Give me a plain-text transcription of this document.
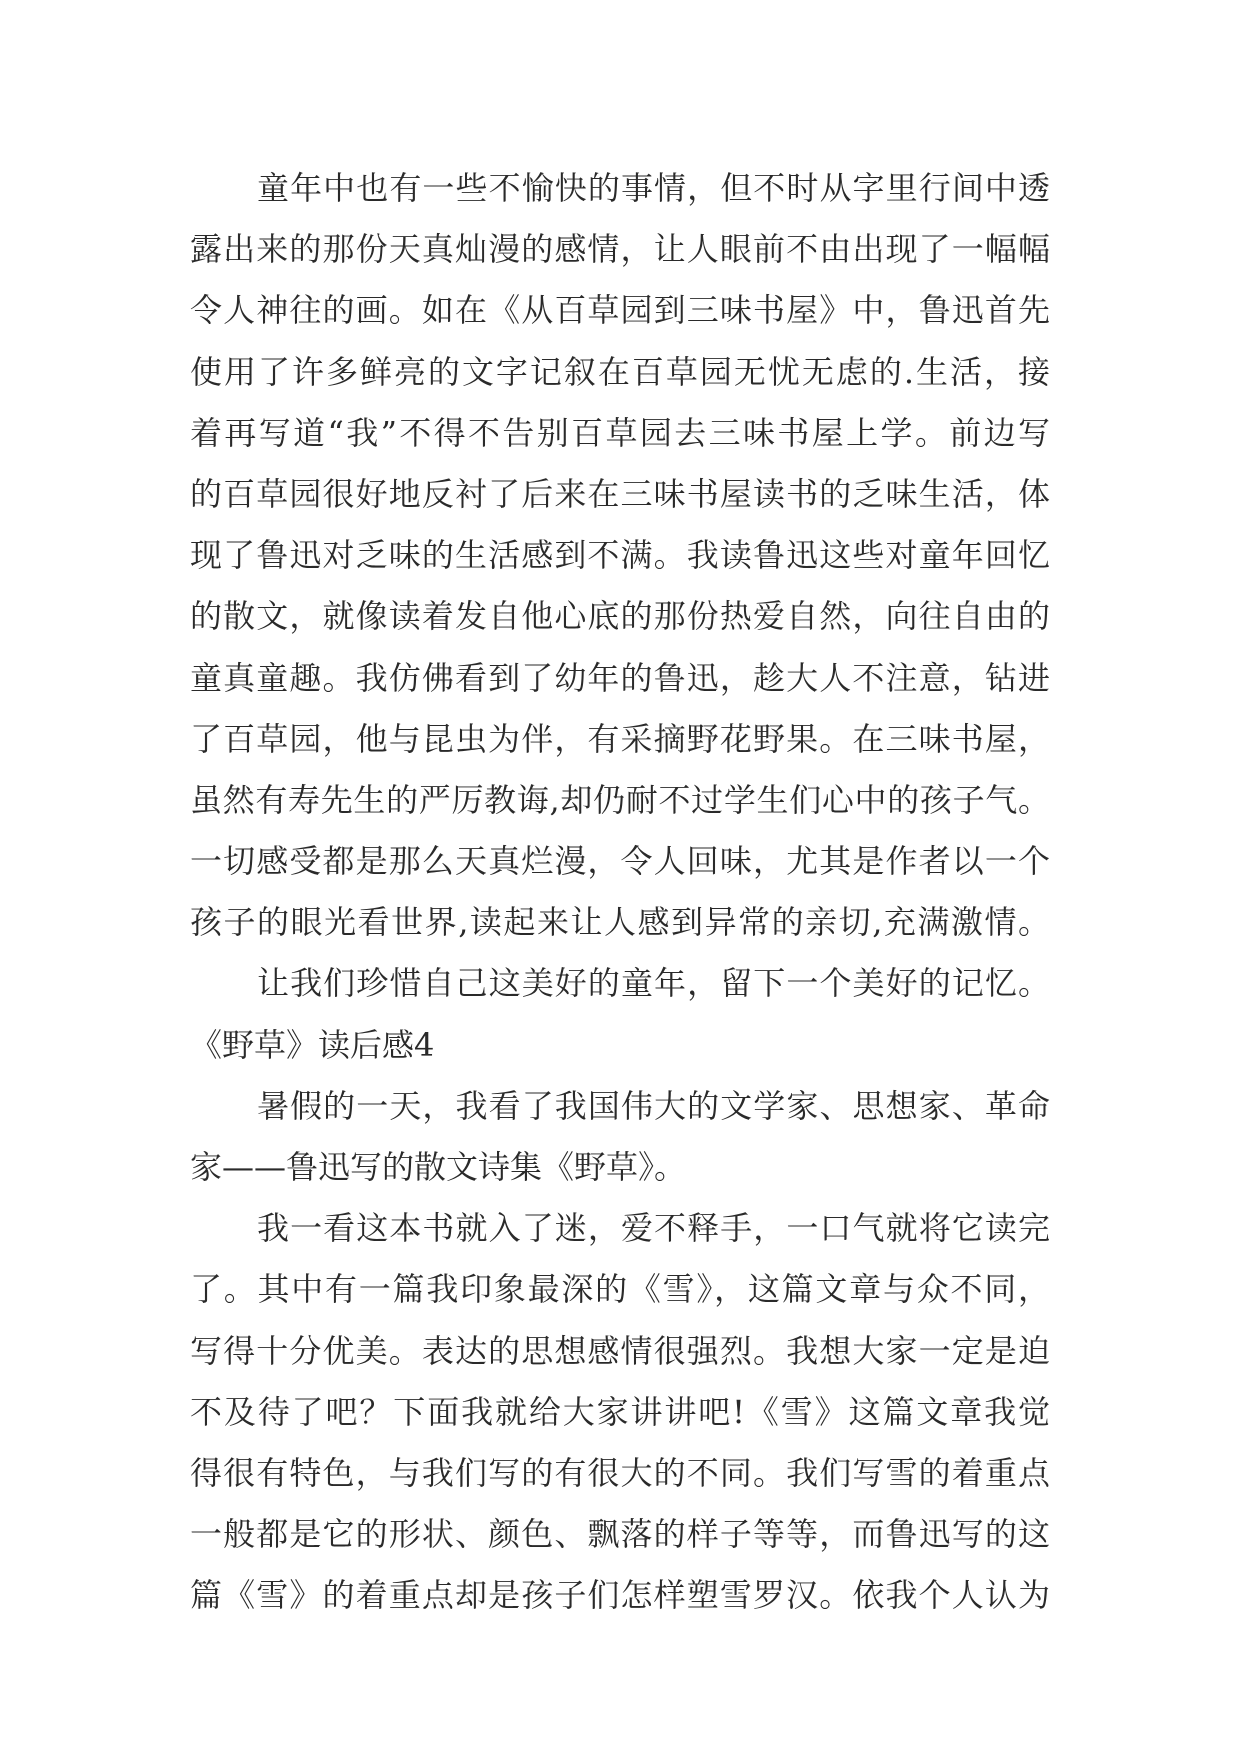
童年中也有一些不愉快的事情，但不时从字里行间中透
露出来的那份天真灿漫的感情，让人眼前不由出现了一幅幅
令人神往的画。如在《从百草园到三味书屋》中，鲁迅首先
使用了许多鲜亮的文字记叙在百草园无忧无虑的.生活，接
着再写道“我”不得不告别百草园去三味书屋上学。前边写
的百草园很好地反衬了后来在三味书屋读书的乏味生活，体
现了鲁迅对乏味的生活感到不满。我读鲁迅这些对童年回忆
的散文，就像读着发自他心底的那份热爱自然，向往自由的
童真童趣。我仿佛看到了幼年的鲁迅，趁大人不注意，钻进
了百草园，他与昆虫为伴，有采摘野花野果。在三味书屋，
虽然有寿先生的严厉教诲,却仍耐不过学生们心中的孩子气。
一切感受都是那么天真烂漫，令人回味，尤其是作者以一个
孩子的眼光看世界,读起来让人感到异常的亲切,充满激情。
让我们珍惜自己这美好的童年，留下一个美好的记忆。
《野草》读后感4
暑假的一天，我看了我国伟大的文学家、思想家、革命
家——鲁迅写的散文诗集《野草》。
我一看这本书就入了迷，爱不释手，一口气就将它读完
了。其中有一篇我印象最深的《雪》，这篇文章与众不同，
写得十分优美。表达的思想感情很强烈。我想大家一定是迫
不及待了吧？下面我就给大家讲讲吧!《雪》这篇文章我觉
得很有特色，与我们写的有很大的不同。我们写雪的着重点
一般都是它的形状、颜色、飘落的样子等等，而鲁迅写的这
篇《雪》的着重点却是孩子们怎样塑雪罗汉。依我个人认为
